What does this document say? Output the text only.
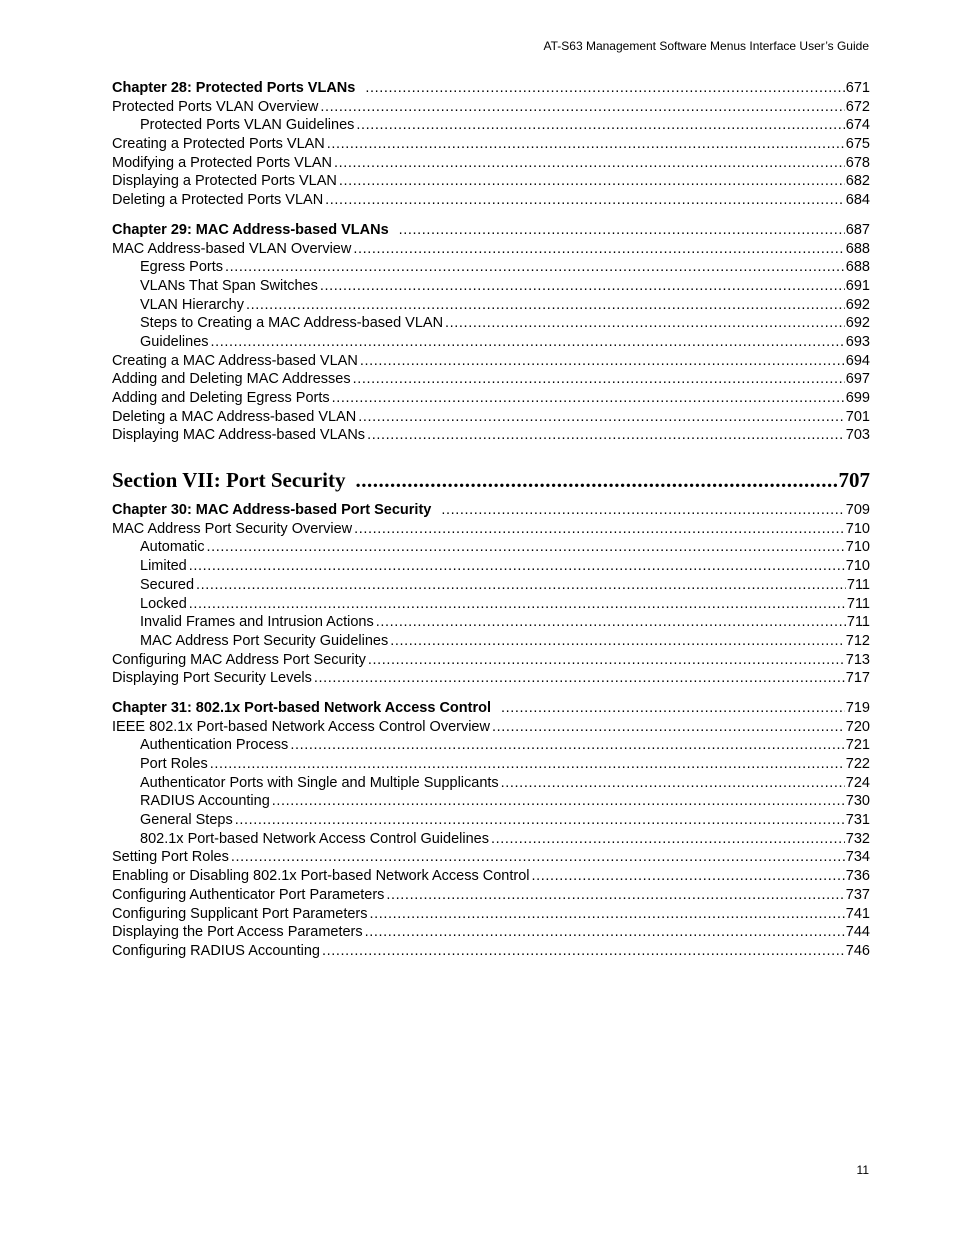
AT-S63 Management Software Menus Interface User’s Guide
Chapter 28: Protected Ports VLANs .....	671
Protected Ports VLAN Overview .....	672
Protected Ports VLAN Guidelines .....	674
Creating a Protected Ports VLAN .....	675
Modifying a Protected Ports VLAN .....	678
Displaying a Protected Ports VLAN .....	682
Deleting a Protected Ports VLAN .....	684
Chapter 29: MAC Address-based VLANs .....	687
MAC Address-based VLAN Overview .....	688
Egress Ports .....	688
VLANs That Span Switches .....	691
VLAN Hierarchy .....	692
Steps to Creating a MAC Address-based VLAN .....	692
Guidelines .....	693
Creating a MAC Address-based VLAN .....	694
Adding and Deleting MAC Addresses .....	697
Adding and Deleting Egress Ports .....	699
Deleting a MAC Address-based VLAN .....	701
Displaying MAC Address-based VLANs .....	703
Section VII: Port Security .....	707
Chapter 30: MAC Address-based Port Security .....	709
MAC Address Port Security Overview .....	710
Automatic .....	710
Limited .....	710
Secured .....	711
Locked .....	711
Invalid Frames and Intrusion Actions .....	711
MAC Address Port Security Guidelines .....	712
Configuring MAC Address Port Security .....	713
Displaying Port Security Levels .....	717
Chapter 31: 802.1x Port-based Network Access Control .....	719
IEEE 802.1x Port-based Network Access Control Overview .....	720
Authentication Process .....	721
Port Roles .....	722
Authenticator Ports with Single and Multiple Supplicants .....	724
RADIUS Accounting .....	730
General Steps .....	731
802.1x Port-based Network Access Control Guidelines .....	732
Setting Port Roles .....	734
Enabling or Disabling 802.1x Port-based Network Access Control .....	736
Configuring Authenticator Port Parameters .....	737
Configuring Supplicant Port Parameters .....	741
Displaying the Port Access Parameters .....	744
Configuring RADIUS Accounting .....	746
11
